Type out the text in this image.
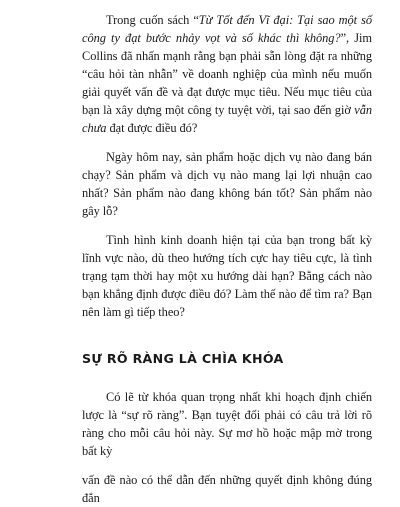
Trong cuốn sách “Từ Tốt đến Vĩ đại: Tại sao một số công ty đạt bước nhảy vọt và số khác thì không?”, Jim Collins đã nhấn mạnh rằng bạn phải sẵn lòng đặt ra những “câu hỏi tàn nhẫn” về doanh nghiệp của mình nếu muốn giải quyết vấn đề và đạt được mục tiêu. Nếu mục tiêu của bạn là xây dựng một công ty tuyệt vời, tại sao đến giờ vẫn chưa đạt được điều đó?

Ngày hôm nay, sản phẩm hoặc dịch vụ nào đang bán chạy? Sản phẩm và dịch vụ nào mang lại lợi nhuận cao nhất? Sản phẩm nào đang không bán tốt? Sản phẩm nào gây lỗ?

Tình hình kinh doanh hiện tại của bạn trong bất kỳ lĩnh vực nào, dù theo hướng tích cực hay tiêu cực, là tình trạng tạm thời hay một xu hướng dài hạn? Bằng cách nào bạn khẳng định được điều đó? Làm thế nào để tìm ra? Bạn nên làm gì tiếp theo?

SỰ RÕ RÀNG LÀ CHÌA KHÓA

Có lẽ từ khóa quan trọng nhất khi hoạch định chiến lược là “sự rõ ràng”. Bạn tuyệt đối phải có câu trả lời rõ ràng cho mỗi câu hỏi này. Sự mơ hồ hoặc mập mờ trong bất kỳ

vấn đề nào có thể dẫn đến những quyết định không đúng đắn
